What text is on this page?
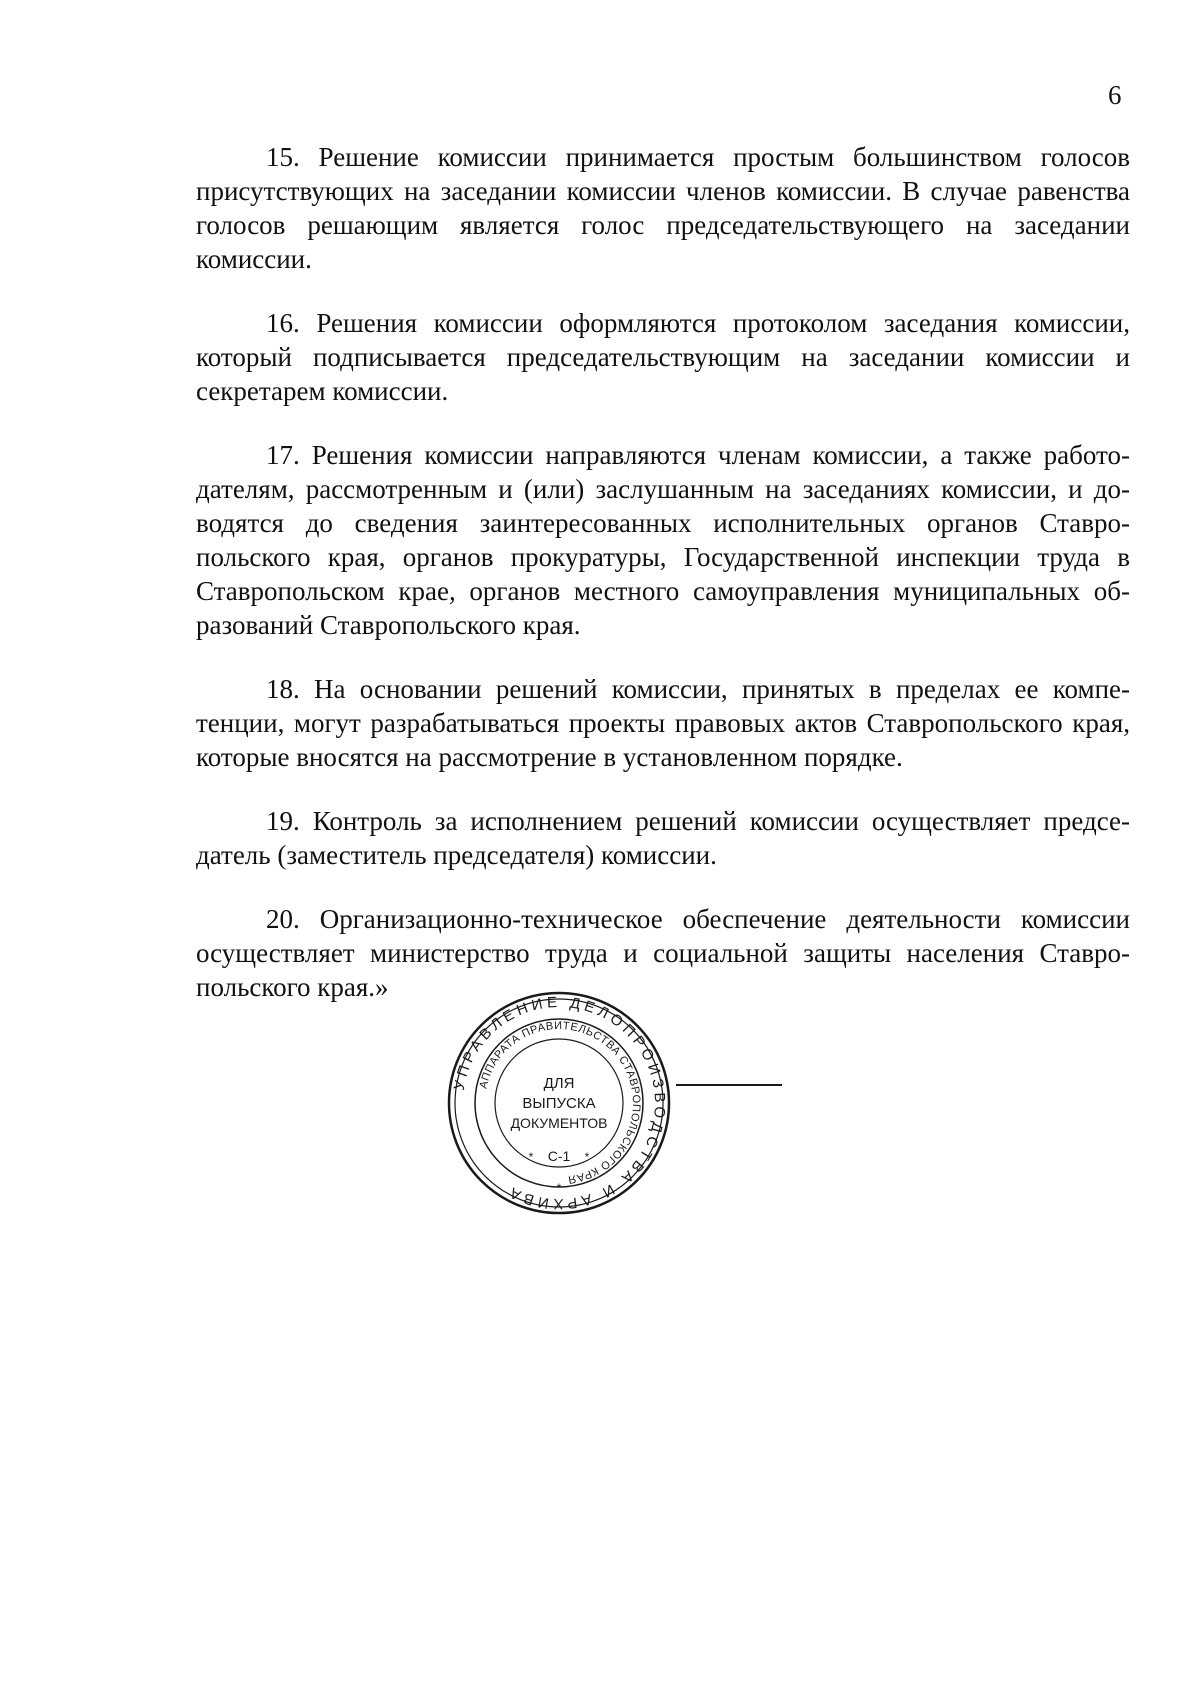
6

15. Решение комиссии принимается простым большинством голосов присутствующих на заседании комиссии членов комиссии. В случае равенства голосов решающим является голос председательствующего на заседании комиссии.

16. Решения комиссии оформляются протоколом заседания комиссии, который подписывается председательствующим на заседании комиссии и секретарем комиссии.

17. Решения комиссии направляются членам комиссии, а также работодателям, рассмотренным и (или) заслушанным на заседаниях комиссии, и доводятся до сведения заинтересованных исполнительных органов Ставропольского края, органов прокуратуры, Государственной инспекции труда в Ставропольском крае, органов местного самоуправления муниципальных образований Ставропольского края.

18. На основании решений комиссии, принятых в пределах ее компетенции, могут разрабатываться проекты правовых актов Ставропольского края, которые вносятся на рассмотрение в установленном порядке.

19. Контроль за исполнением решений комиссии осуществляет председатель (заместитель председателя) комиссии.

20. Организационно-техническое обеспечение деятельности комиссии осуществляет министерство труда и социальной защиты населения Ставропольского края.»

УПРАВЛЕНИЕ ДЕЛОПРОИЗВОДСТВА И АРХИВА
АППАРАТА ПРАВИТЕЛЬСТВА СТАВРОПОЛЬСКОГО КРАЯ
ДЛЯ
ВЫПУСКА
ДОКУМЕНТОВ
С-1
*	*
*
